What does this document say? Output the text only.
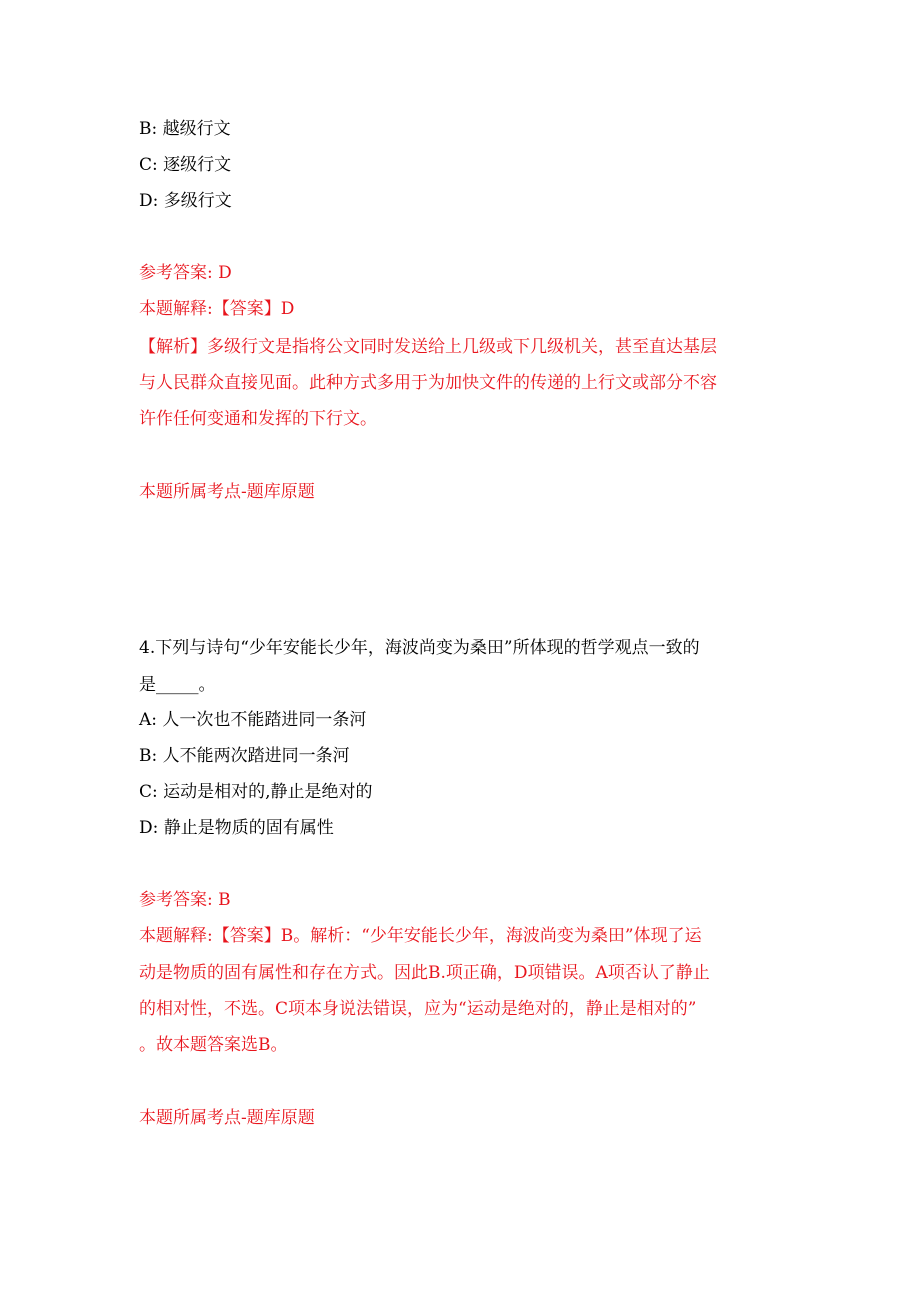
B: 越级行文

C: 逐级行文

D: 多级行文

参考答案: D

本题解释:【答案】D

【解析】多级行文是指将公文同时发送给上几级或下几级机关，甚至直达基层

与人民群众直接见面。此种方式多用于为加快文件的传递的上行文或部分不容

许作任何变通和发挥的下行文。

本题所属考点-题库原题

4.下列与诗句“少年安能长少年，海波尚变为桑田”所体现的哲学观点一致的

是_____。

A: 人一次也不能踏进同一条河

B: 人不能两次踏进同一条河

C: 运动是相对的,静止是绝对的

D: 静止是物质的固有属性

参考答案: B

本题解释:【答案】B。解析：“少年安能长少年，海波尚变为桑田”体现了运

动是物质的固有属性和存在方式。因此B.项正确，D项错误。A项否认了静止

的相对性，不选。C项本身说法错误，应为“运动是绝对的，静止是相对的”

。故本题答案选B。

本题所属考点-题库原题
